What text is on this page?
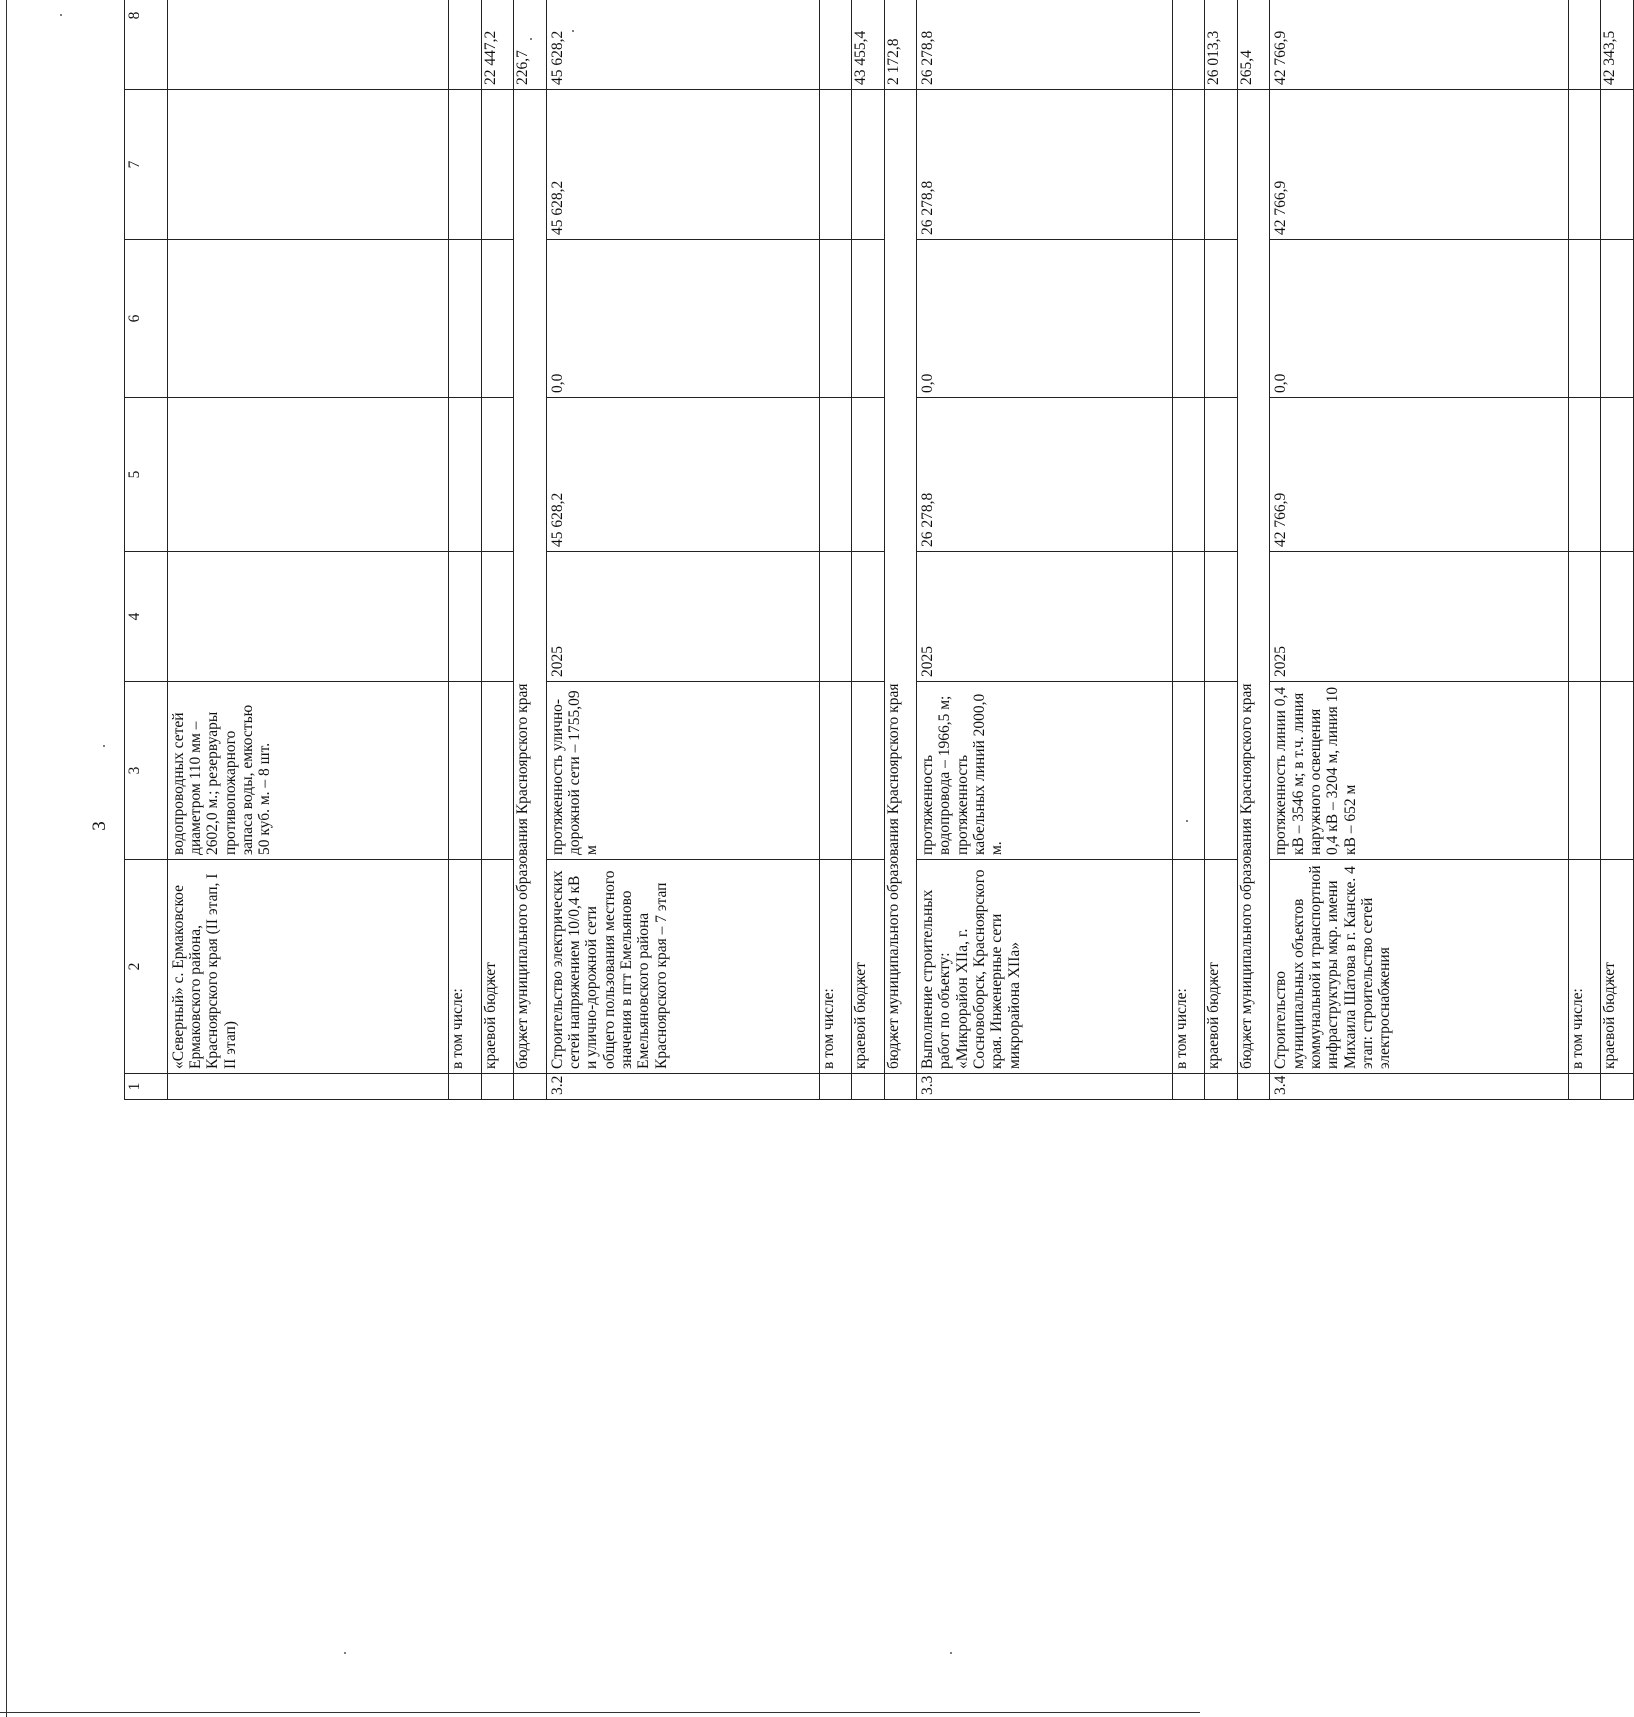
3
1	2	3	4	5	6	7	8		
	«Северный» с. Ермаковское Ермаковского района, Красноярского края (II этап, I II этап)	водопроводных сетей диаметром 110 мм – 2602,0 м.; резервуары противопожарного запаса воды, емкостью 50 куб. м. – 8 шт.							
	в том числе:								
	краевой бюджет						22 447,2		
	бюджет муниципального образования Красноярского края						226,7		
3.2	Строительство электрических сетей напряжением 10/0,4 кВ и улично-дорожной сети общего пользования местного значения в пгт Емельяново Емельяновского района Красноярского края – 7 этап	протяженность улично-дорожной сети – 1755,09 м	2025	45 628,2	0,0	45 628,2	45 628,2		
	в том числе:								
	краевой бюджет						43 455,4		
	бюджет муниципального образования Красноярского края						2 172,8		
3.3	Выполнение строительных работ по объекту: «Микрорайон XIIа, г. Сосновоборск, Красноярского края. Инженерные сети микрорайона XIIа»	протяженность водопровода – 1966,5 м; протяженность кабельных линий 2000,0 м.	2025	26 278,8	0,0	26 278,8	26 278,8		
	в том числе:								
	краевой бюджет						26 013,3		
	бюджет муниципального образования Красноярского края						265,4		
3.4	Строительство муниципальных объектов коммунальной и транспортной инфраструктуры мкр. имени Михаила Шатова в г. Канске. 4 этап: строительство сетей электроснабжения	протяженность линии 0,4 кВ – 3546 м; в т.ч. линия наружного освещения 0,4 кВ – 3204 м, линия 10 кВ – 652 м	2025	42 766,9	0,0	42 766,9	42 766,9		
	в том числе:								
	краевой бюджет						42 343,5		
